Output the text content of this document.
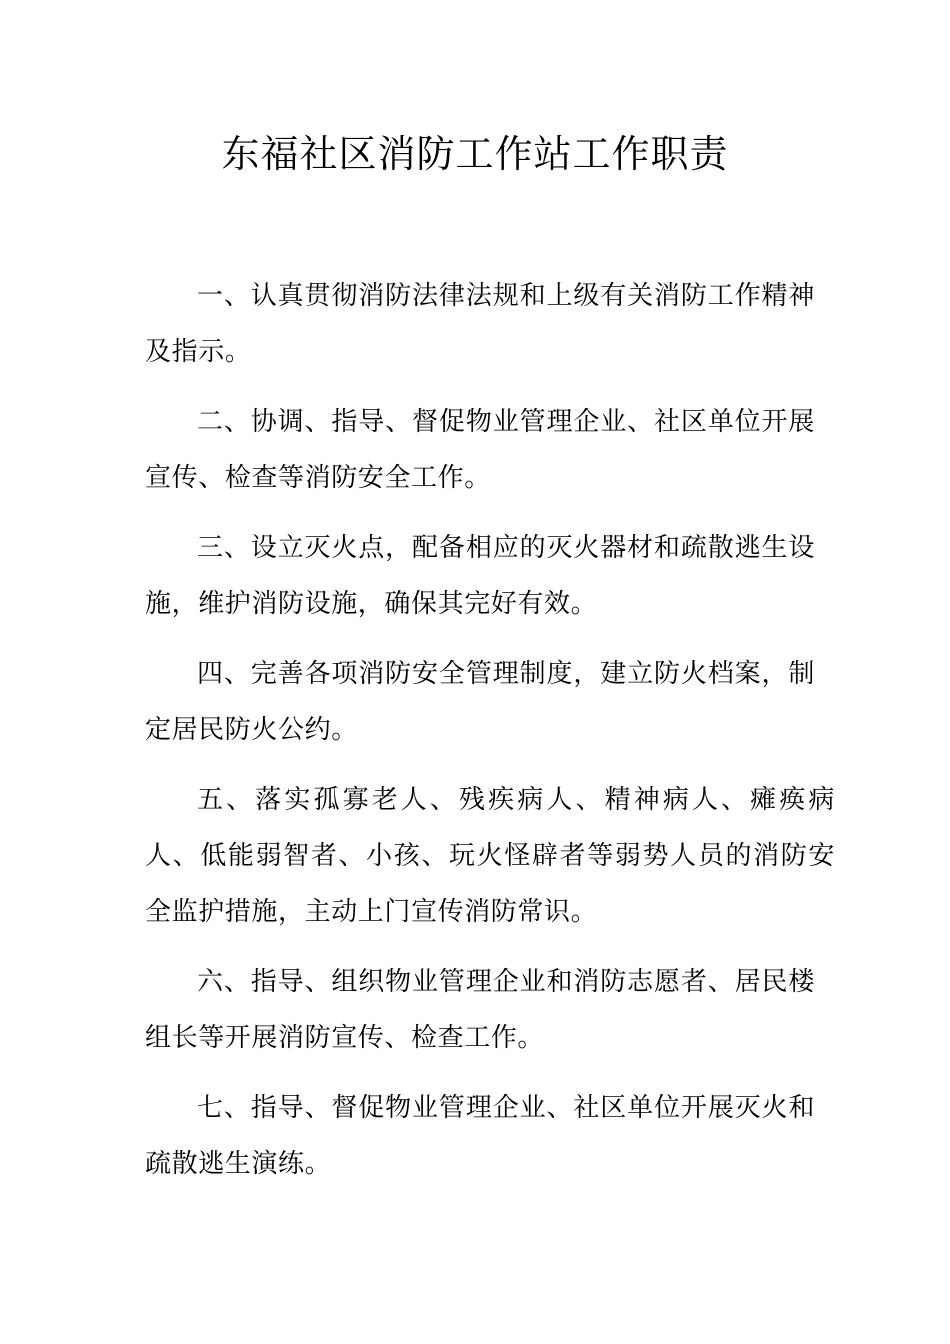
东福社区消防工作站工作职责

一、认真贯彻消防法律法规和上级有关消防工作精神及指示。

二、协调、指导、督促物业管理企业、社区单位开展宣传、检查等消防安全工作。

三、设立灭火点，配备相应的灭火器材和疏散逃生设施，维护消防设施，确保其完好有效。

四、完善各项消防安全管理制度，建立防火档案，制定居民防火公约。

五、落实孤寡老人、残疾病人、精神病人、瘫痪病人、低能弱智者、小孩、玩火怪辟者等弱势人员的消防安全监护措施，主动上门宣传消防常识。

六、指导、组织物业管理企业和消防志愿者、居民楼组长等开展消防宣传、检查工作。

七、指导、督促物业管理企业、社区单位开展灭火和疏散逃生演练。
